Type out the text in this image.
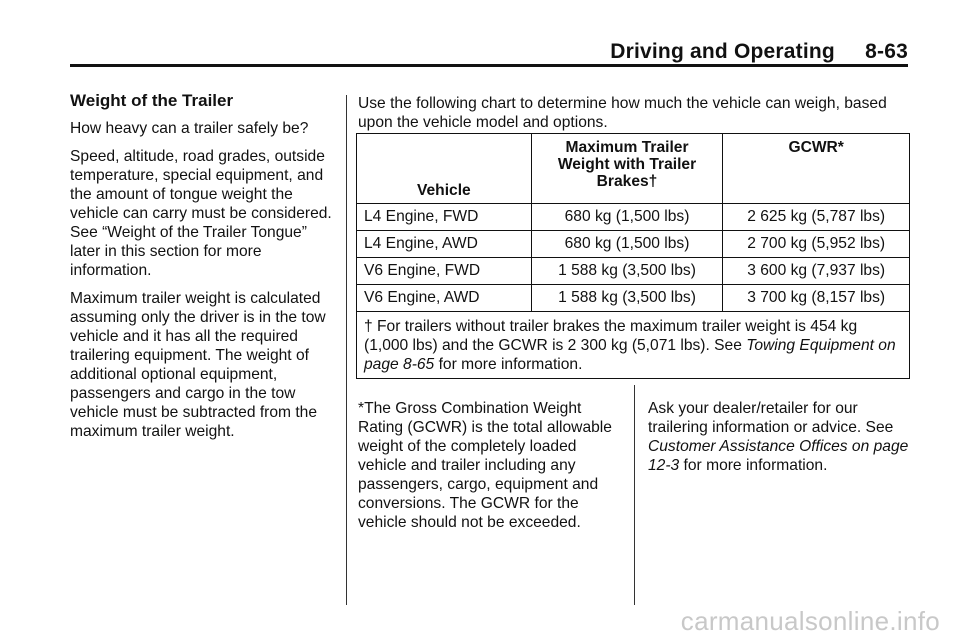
Driving and Operating 8-63
Weight of the Trailer

How heavy can a trailer safely be?

Speed, altitude, road grades, outside temperature, special equipment, and the amount of tongue weight the vehicle can carry must be considered. See “Weight of the Trailer Tongue” later in this section for more information.

Maximum trailer weight is calculated assuming only the driver is in the tow vehicle and it has all the required trailering equipment. The weight of additional optional equipment, passengers and cargo in the tow vehicle must be subtracted from the maximum trailer weight.

Use the following chart to determine how much the vehicle can weigh, based upon the vehicle model and options.

Vehicle	Maximum Trailer Weight with Trailer Brakes†	GCWR*
L4 Engine, FWD	680 kg (1,500 lbs)	2 625 kg (5,787 lbs)
L4 Engine, AWD	680 kg (1,500 lbs)	2 700 kg (5,952 lbs)
V6 Engine, FWD	1 588 kg (3,500 lbs)	3 600 kg (7,937 lbs)
V6 Engine, AWD	1 588 kg (3,500 lbs)	3 700 kg (8,157 lbs)
† For trailers without trailer brakes the maximum trailer weight is 454 kg (1,000 lbs) and the GCWR is 2 300 kg (5,071 lbs). See Towing Equipment on page 8-65 for more information.		

*The Gross Combination Weight Rating (GCWR) is the total allowable weight of the completely loaded vehicle and trailer including any passengers, cargo, equipment and conversions. The GCWR for the vehicle should not be exceeded.

Ask your dealer/retailer for our trailering information or advice. See Customer Assistance Offices on page 12-3 for more information.

carmanualsonline.info
